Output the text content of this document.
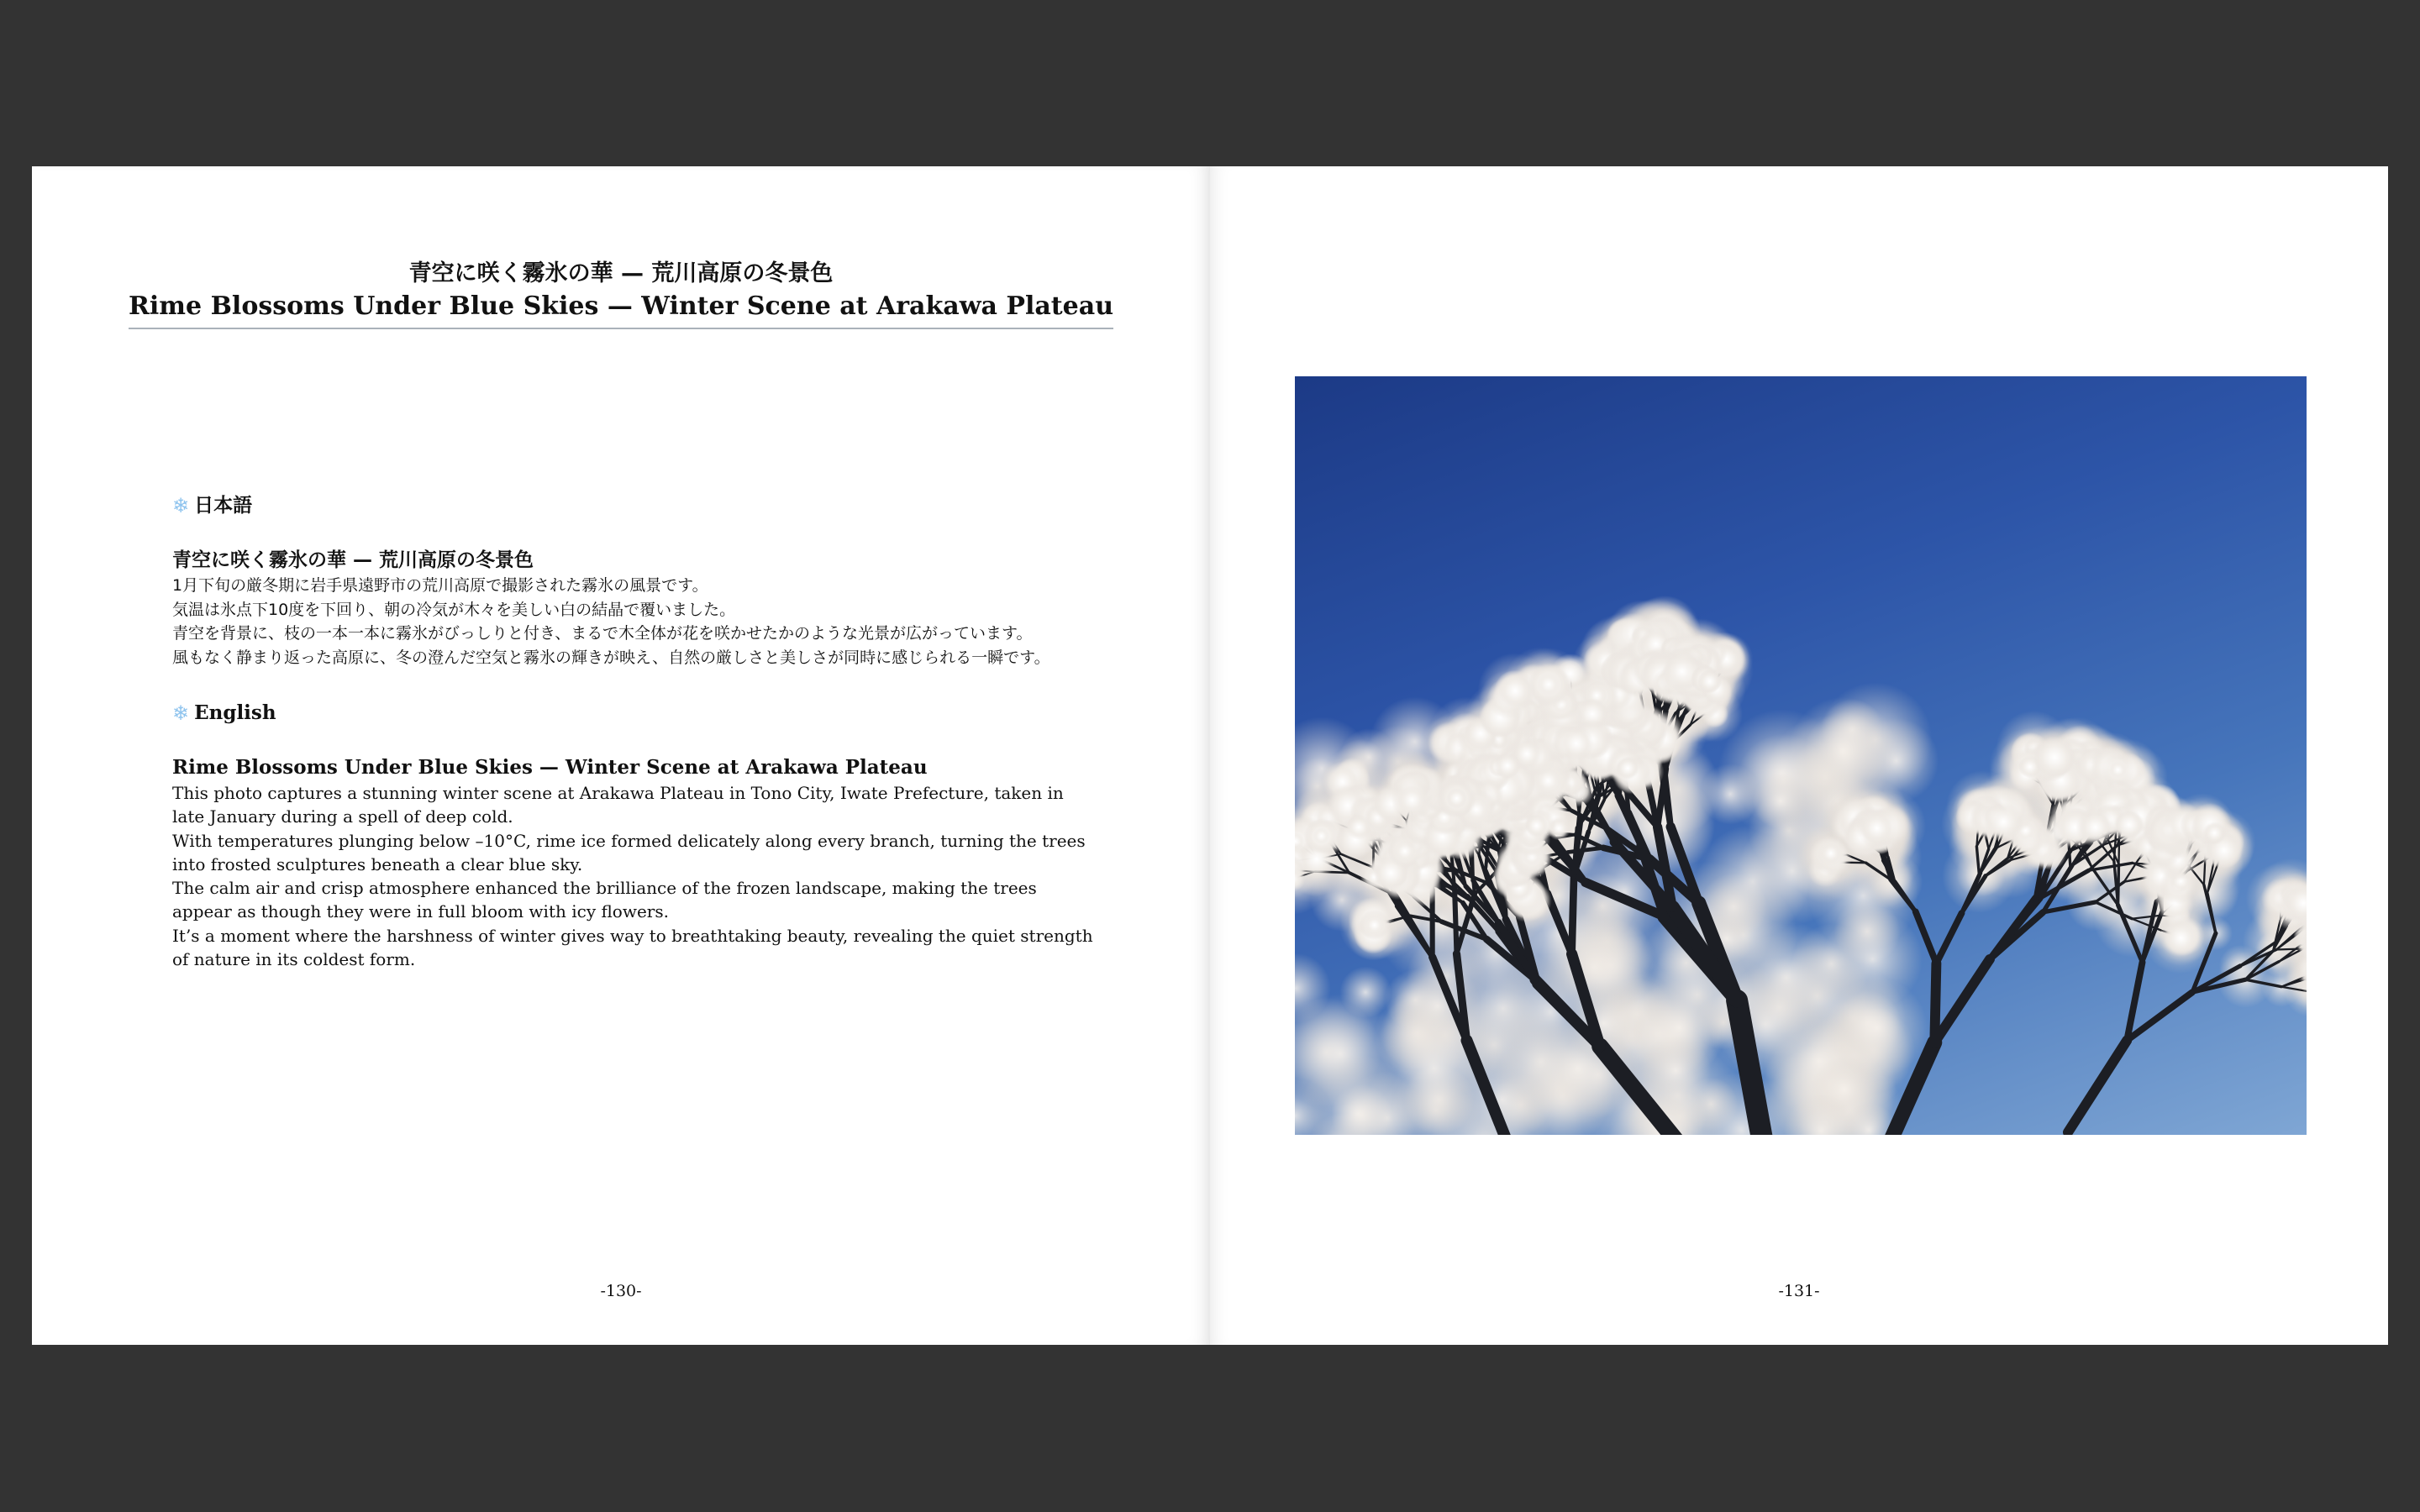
青空に咲く霧氷の華 — 荒川高原の冬景色
Rime Blossoms Under Blue Skies — Winter Scene at Arakawa Plateau
❄ 日本語
青空に咲く霧氷の華 — 荒川高原の冬景色

1月下旬の厳冬期に岩手県遠野市の荒川高原で撮影された霧氷の風景です。

気温は氷点下10度を下回り、朝の冷気が木々を美しい白の結晶で覆いました。

青空を背景に、枝の一本一本に霧氷がびっしりと付き、まるで木全体が花を咲かせたかのような光景が広がっています。

風もなく静まり返った高原に、冬の澄んだ空気と霧氷の輝きが映え、自然の厳しさと美しさが同時に感じられる一瞬です。

❄ English
Rime Blossoms Under Blue Skies — Winter Scene at Arakawa Plateau

This photo captures a stunning winter scene at Arakawa Plateau in Tono City, Iwate Prefecture, taken in late January during a spell of deep cold.

With temperatures plunging below –10°C, rime ice formed delicately along every branch, turning the trees into frosted sculptures beneath a clear blue sky.

The calm air and crisp atmosphere enhanced the brilliance of the frozen landscape, making the trees appear as though they were in full bloom with icy flowers.

It’s a moment where the harshness of winter gives way to breathtaking beauty, revealing the quiet strength of nature in its coldest form.

-130-	-131-
